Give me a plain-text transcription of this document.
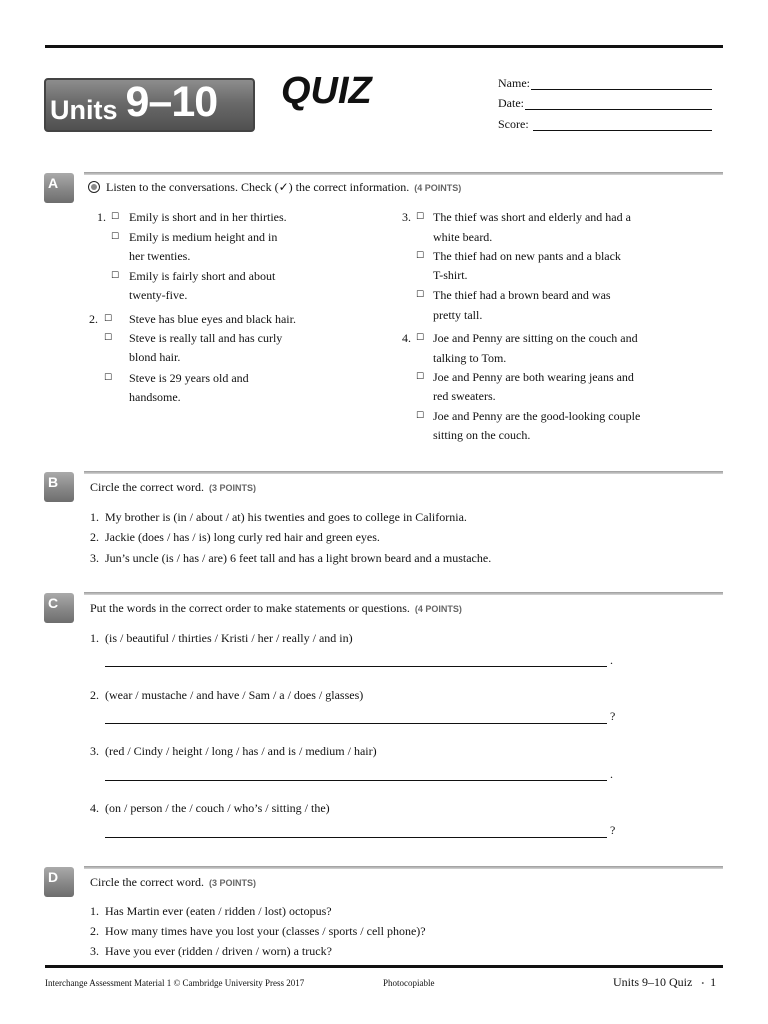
Units 9–10 QUIZ	Name:
Date:
Score:
A	Listen to the conversations. Check (✓) the correct information. (4 POINTS)
1. ☐ Emily is short and in her thirties.
☐ Emily is medium height and in
her twenties.
☐ Emily is fairly short and about
twenty-five.
2. ☐ Steve has blue eyes and black hair.
☐ Steve is really tall and has curly
blond hair.
☐ Steve is 29 years old and
handsome.
3. ☐ The thief was short and elderly and had a
white beard.
☐ The thief had on new pants and a black
T-shirt.
☐ The thief had a brown beard and was
pretty tall.
4. ☐ Joe and Penny are sitting on the couch and
talking to Tom.
☐ Joe and Penny are both wearing jeans and
red sweaters.
☐ Joe and Penny are the good-looking couple
sitting on the couch.
B	Circle the correct word. (3 POINTS)
1. My brother is (in / about / at) his twenties and goes to college in California.
2. Jackie (does / has / is) long curly red hair and green eyes.
3. Jun’s uncle (is / has / are) 6 feet tall and has a light brown beard and a mustache.
C	Put the words in the correct order to make statements or questions. (4 POINTS)
1. (is / beautiful / thirties / Kristi / her / really / and in)
.
2. (wear / mustache / and have / Sam / a / does / glasses)
?
3. (red / Cindy / height / long / has / and is / medium / hair)
.
4. (on / person / the / couch / who’s / sitting / the)
?
D	Circle the correct word. (3 POINTS)
1. Has Martin ever (eaten / ridden / lost) octopus?
2. How many times have you lost your (classes / sports / cell phone)?
3. Have you ever (ridden / driven / worn) a truck?
Interchange Assessment Material 1 © Cambridge University Press 2017	Photocopiable	Units 9–10 Quiz • 1
